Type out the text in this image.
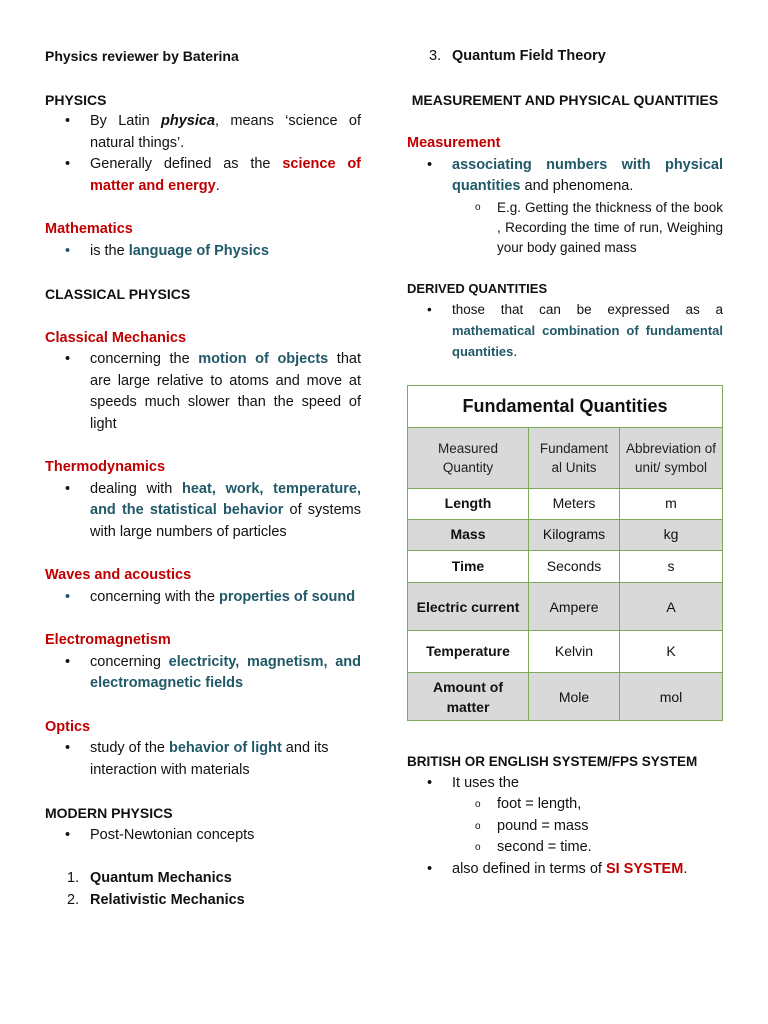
Physics reviewer by Baterina
PHYSICS
• By Latin physica, means ‘science of natural things’.
• Generally defined as the science of matter and energy.
Mathematics
• is the language of Physics
CLASSICAL PHYSICS
Classical Mechanics
• concerning the motion of objects that are large relative to atoms and move at speeds much slower than the speed of light
Thermodynamics
• dealing with heat, work, temperature, and the statistical behavior of systems with large numbers of particles
Waves and acoustics
• concerning with the properties of sound
Electromagnetism
• concerning electricity, magnetism, and electromagnetic fields
Optics
• study of the behavior of light and its interaction with materials
MODERN PHYSICS
• Post-Newtonian concepts
1. Quantum Mechanics
2. Relativistic Mechanics
3. Quantum Field Theory
MEASUREMENT AND PHYSICAL QUANTITIES
Measurement
• associating numbers with physical quantities and phenomena.
o E.g. Getting the thickness of the book , Recording the time of run, Weighing your body gained mass
DERIVED QUANTITIES
• those that can be expressed as a mathematical combination of fundamental quantities.
Fundamental Quantities		
Measured Quantity	Fundament al Units	Abbreviation of unit/ symbol
Length	Meters	m
Mass	Kilograms	kg
Time	Seconds	s
Electric current	Ampere	A
Temperature	Kelvin	K
Amount of matter	Mole	mol
BRITISH OR ENGLISH SYSTEM/FPS SYSTEM
• It uses the
o foot = length,
o pound = mass
o second = time.
• also defined in terms of SI SYSTEM.
